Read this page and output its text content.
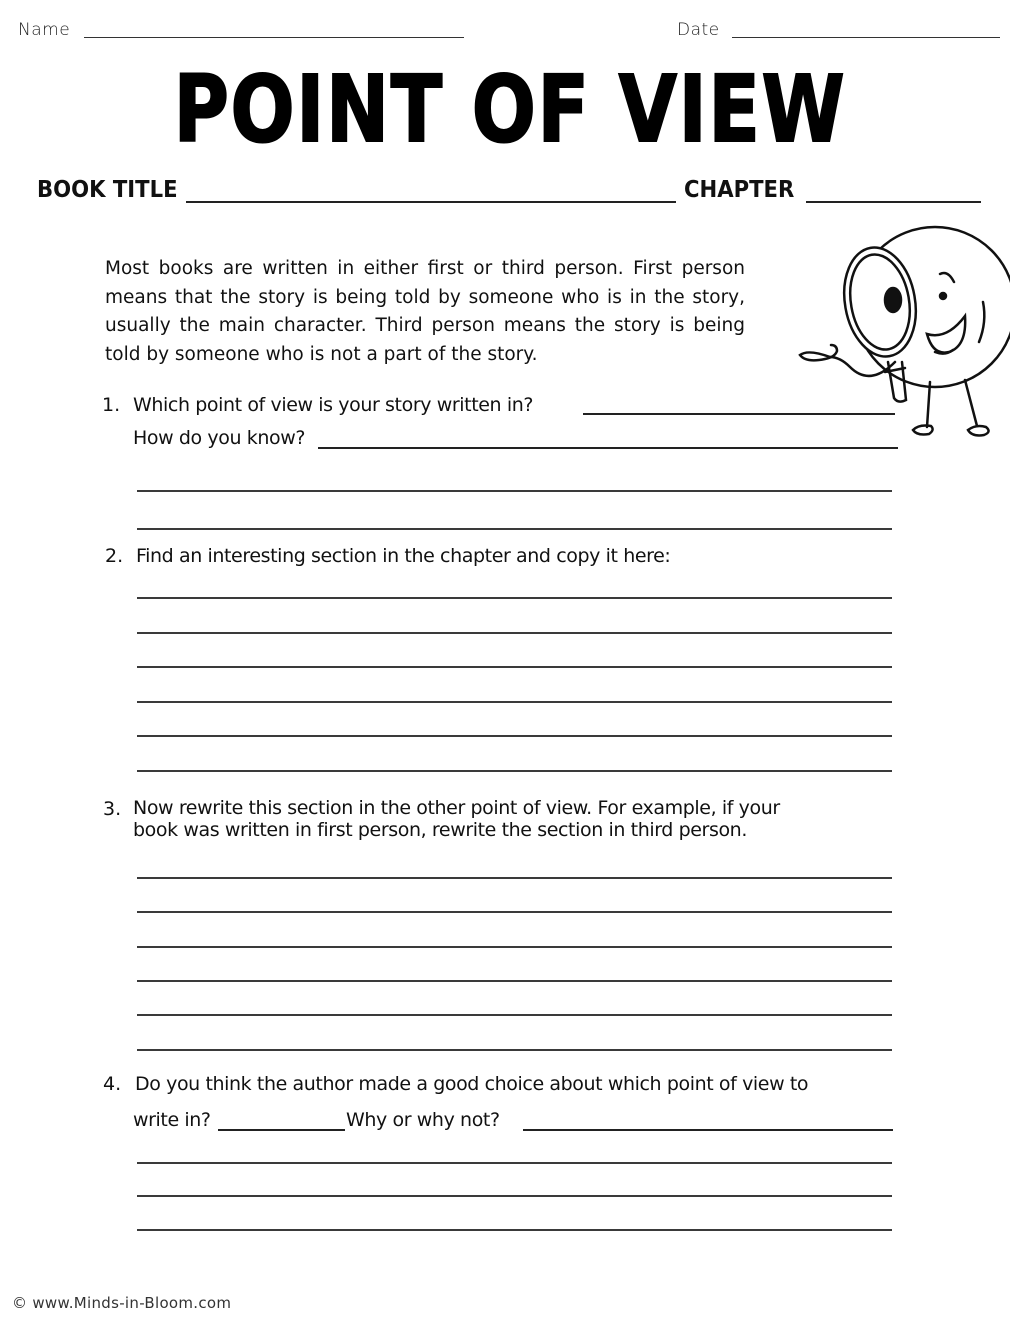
Name	Date
POINT OF VIEW
BOOK TITLE	CHAPTER
Most books are written in either first or third person. First person means that the story is being told by someone who is in the story, usually the main character. Third person means the story is being told by someone who is not a part of the story.
1. Which point of view is your story written in?
How do you know?
2. Find an interesting section in the chapter and copy it here:
3. Now rewrite this section in the other point of view. For example, if your
book was written in first person, rewrite the section in third person.
4. Do you think the author made a good choice about which point of view to
write in?	Why or why not?
© www.Minds-in-Bloom.com
